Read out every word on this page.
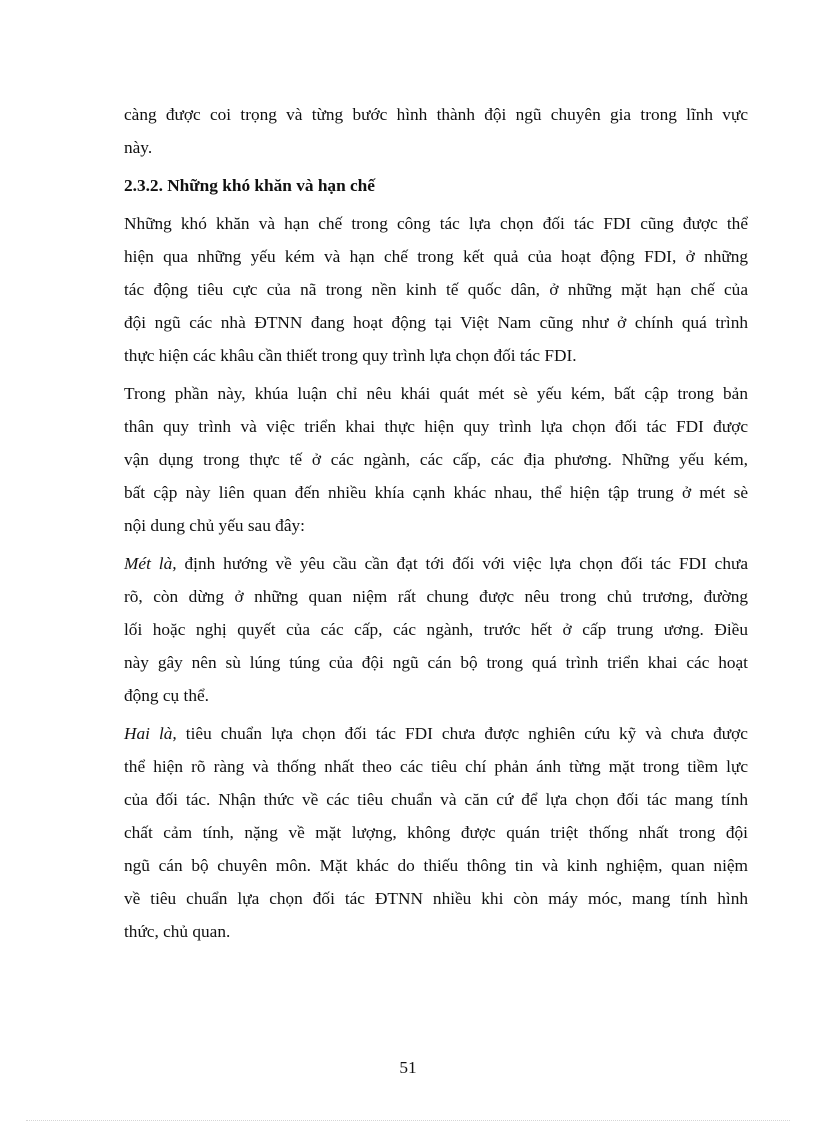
càng được coi trọng và từng bước hình thành đội ngũ chuyên gia trong lĩnh vực
này.
2.3.2. Những khó khăn và hạn chế
Những khó khăn và hạn chế trong công tác lựa chọn đối tác FDI cũng được thể
hiện qua những yếu kém và hạn chế trong kết quả của hoạt động FDI, ở những
tác động tiêu cực của nã trong nền kinh tế quốc dân, ở những mặt hạn chế của
đội ngũ các nhà ĐTNN đang hoạt động tại Việt Nam cũng như ở chính quá trình
thực hiện các khâu cần thiết trong quy trình lựa chọn đối tác FDI.
Trong phần này, khúa luận chỉ nêu khái quát mét sè yếu kém, bất cập trong bản
thân quy trình và việc triển khai thực hiện quy trình lựa chọn đối tác FDI được
vận dụng trong thực tế ở các ngành, các cấp, các địa phương. Những yếu kém,
bất cập này liên quan đến nhiều khía cạnh khác nhau, thể hiện tập trung ở mét sè
nội dung chủ yếu sau đây:
Mét là, định hướng về yêu cầu cần đạt tới đối với việc lựa chọn đối tác FDI chưa
rõ, còn dừng ở những quan niệm rất chung được nêu trong chủ trương, đường
lối hoặc nghị quyết của các cấp, các ngành, trước hết ở cấp trung ương. Điều
này gây nên sù lúng túng của đội ngũ cán bộ trong quá trình triển khai các hoạt
động cụ thể.
Hai là, tiêu chuẩn lựa chọn đối tác FDI chưa được nghiên cứu kỹ và chưa được
thể hiện rõ ràng và thống nhất theo các tiêu chí phản ánh từng mặt trong tiềm lực
của đối tác. Nhận thức về các tiêu chuẩn và căn cứ để lựa chọn đối tác mang tính
chất cảm tính, nặng về mặt lượng, không được quán triệt thống nhất trong đội
ngũ cán bộ chuyên môn. Mặt khác do thiếu thông tin và kinh nghiệm, quan niệm
về tiêu chuẩn lựa chọn đối tác ĐTNN nhiều khi còn máy móc, mang tính hình
thức, chủ quan.
51
